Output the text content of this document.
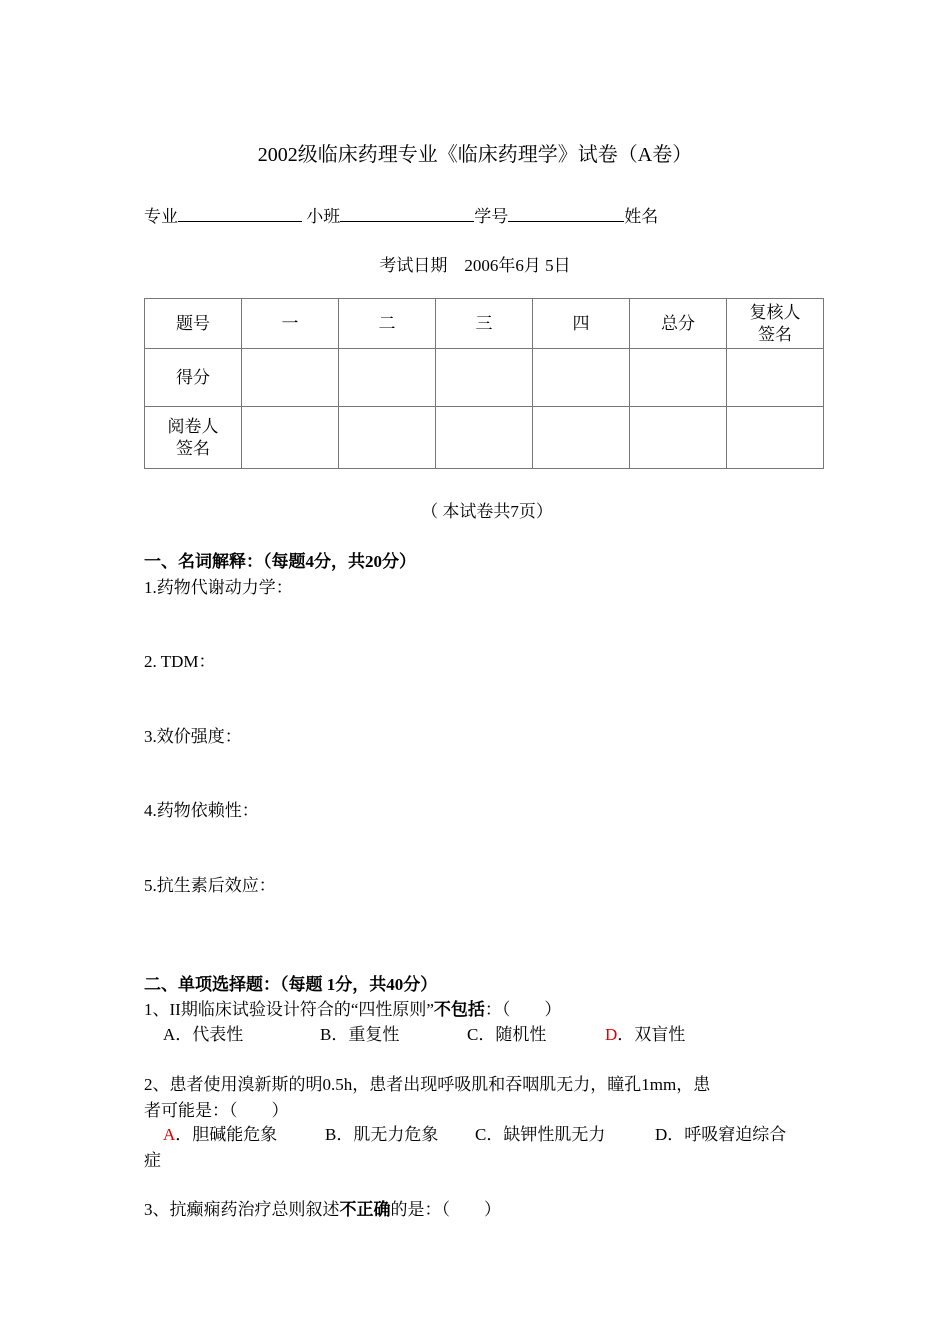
2002级临床药理专业《临床药理学》试卷（A卷）
专业	小班	学号	姓名
考试日期　2006年6月 5日
题号	一	二	三	四	总分	复核人签名
得分						
阅卷人签名						
（ 本试卷共7页）
一、名词解释：（每题4分，共20分）
1.药物代谢动力学：
2. TDM：
3.效价强度：
4.药物依赖性：
5.抗生素后效应：
二、单项选择题：（每题 1分，共40分）
1、II期临床试验设计符合的“四性原则”不包括：（　　）
A．代表性	B．重复性	C．随机性	D．双盲性
2、患者使用溴新斯的明0.5h，患者出现呼吸肌和吞咽肌无力，瞳孔1mm，患
者可能是：（　　）
A．胆碱能危象	B．肌无力危象 C．缺钾性肌无力	D．呼吸窘迫综合
症
3、抗癫痫药治疗总则叙述不正确的是：（　　）
